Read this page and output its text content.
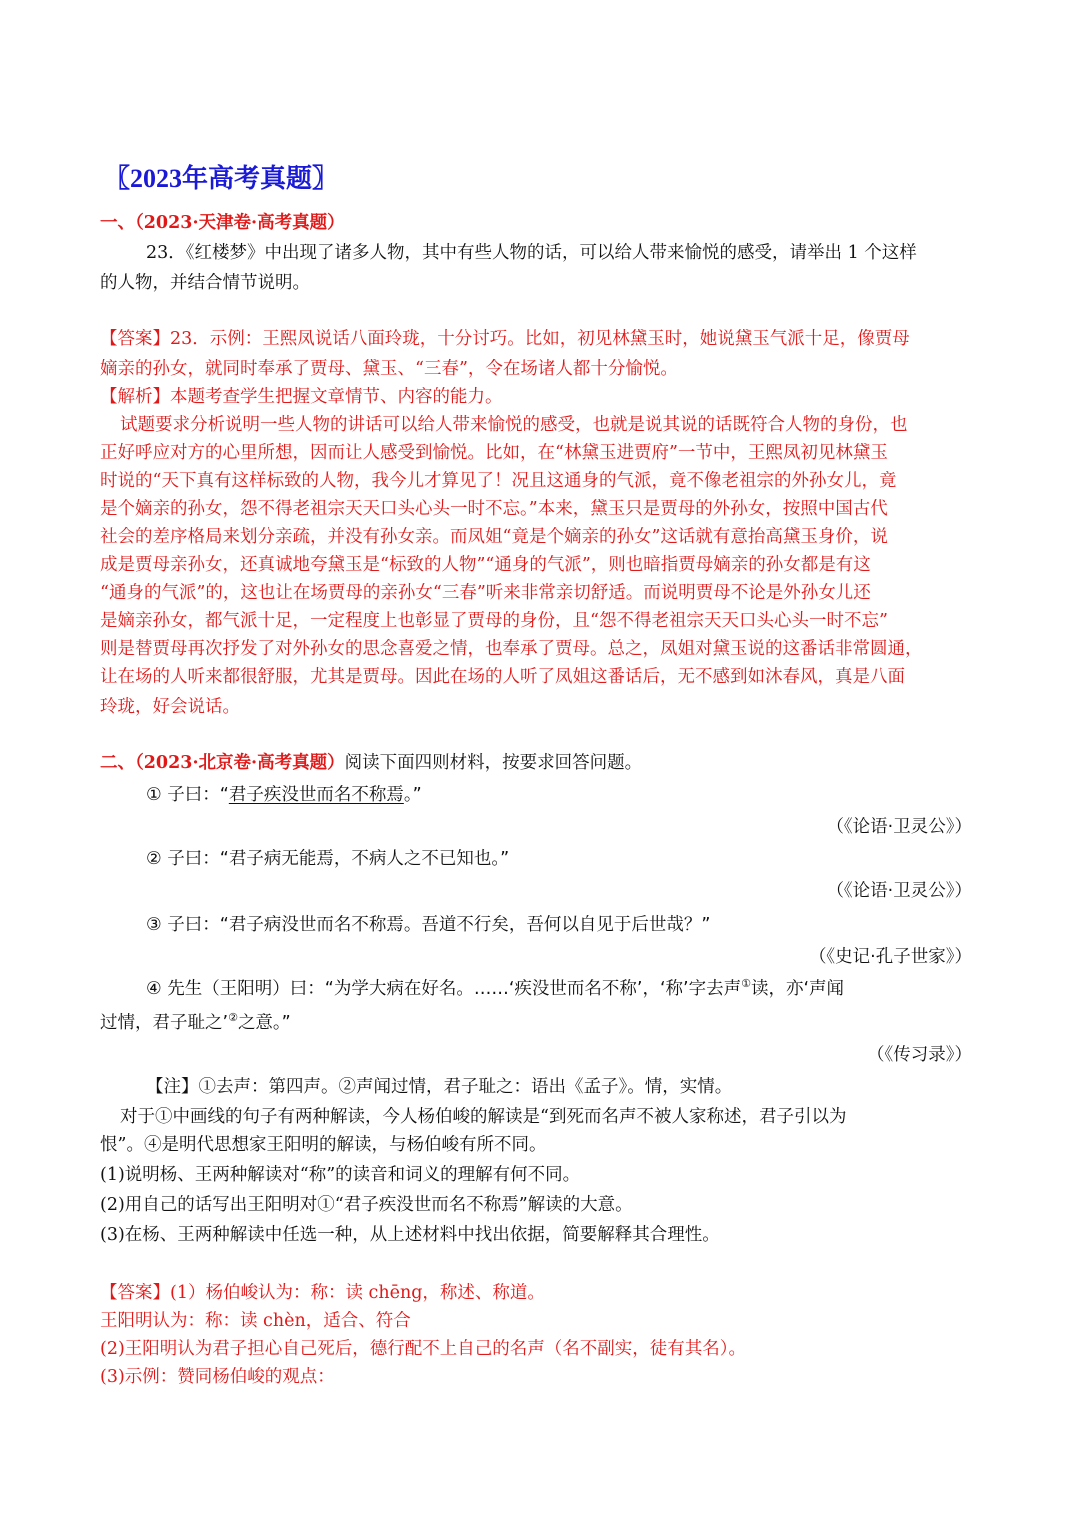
〖2023年高考真题〗
一、（2023·天津卷·高考真题）
23．《红楼梦》中出现了诸多人物，其中有些人物的话，可以给人带来愉悦的感受，请举出 1 个这样
的人物，并结合情节说明。
【答案】23．示例：王熙凤说话八面玲珑，十分讨巧。比如，初见林黛玉时，她说黛玉气派十足，像贾母
嫡亲的孙女，就同时奉承了贾母、黛玉、“三春”，令在场诸人都十分愉悦。
【解析】本题考查学生把握文章情节、内容的能力。
试题要求分析说明一些人物的讲话可以给人带来愉悦的感受，也就是说其说的话既符合人物的身份，也
正好呼应对方的心里所想，因而让人感受到愉悦。比如，在“林黛玉进贾府”一节中，王熙凤初见林黛玉
时说的“天下真有这样标致的人物，我今儿才算见了！况且这通身的气派，竟不像老祖宗的外孙女儿，竟
是个嫡亲的孙女，怨不得老祖宗天天口头心头一时不忘。”本来，黛玉只是贾母的外孙女，按照中国古代
社会的差序格局来划分亲疏，并没有孙女亲。而凤姐“竟是个嫡亲的孙女”这话就有意抬高黛玉身价，说
成是贾母亲孙女，还真诚地夸黛玉是“标致的人物”“通身的气派”，则也暗指贾母嫡亲的孙女都是有这
“通身的气派”的，这也让在场贾母的亲孙女“三春”听来非常亲切舒适。而说明贾母不论是外孙女儿还
是嫡亲孙女，都气派十足，一定程度上也彰显了贾母的身份，且“怨不得老祖宗天天口头心头一时不忘”
则是替贾母再次抒发了对外孙女的思念喜爱之情，也奉承了贾母。总之，凤姐对黛玉说的这番话非常圆通，
让在场的人听来都很舒服，尤其是贾母。因此在场的人听了凤姐这番话后，无不感到如沐春风，真是八面
玲珑，好会说话。
二、（2023·北京卷·高考真题）阅读下面四则材料，按要求回答问题。
① 子曰：“君子疾没世而名不称焉。”
（《论语·卫灵公》）
② 子曰：“君子病无能焉，不病人之不已知也。”
（《论语·卫灵公》）
③ 子曰：“君子病没世而名不称焉。吾道不行矣，吾何以自见于后世哉？”
（《史记·孔子世家》）
④ 先生（王阳明）曰：“为学大病在好名。……‘疾没世而名不称’，‘称’字去声①读，亦‘声闻
过情，君子耻之’②之意。”
（《传习录》）
【注】①去声：第四声。②声闻过情，君子耻之：语出《孟子》。情，实情。
对于①中画线的句子有两种解读，今人杨伯峻的解读是“到死而名声不被人家称述，君子引以为
恨”。④是明代思想家王阳明的解读，与杨伯峻有所不同。
(1)说明杨、王两种解读对“称”的读音和词义的理解有何不同。
(2)用自己的话写出王阳明对①“君子疾没世而名不称焉”解读的大意。
(3)在杨、王两种解读中任选一种，从上述材料中找出依据，简要解释其合理性。
【答案】(1）杨伯峻认为：称：读 chēng，称述、称道。
王阳明认为：称：读 chèn，适合、符合
(2)王阳明认为君子担心自己死后，德行配不上自己的名声（名不副实，徒有其名）。
(3)示例：赞同杨伯峻的观点：
